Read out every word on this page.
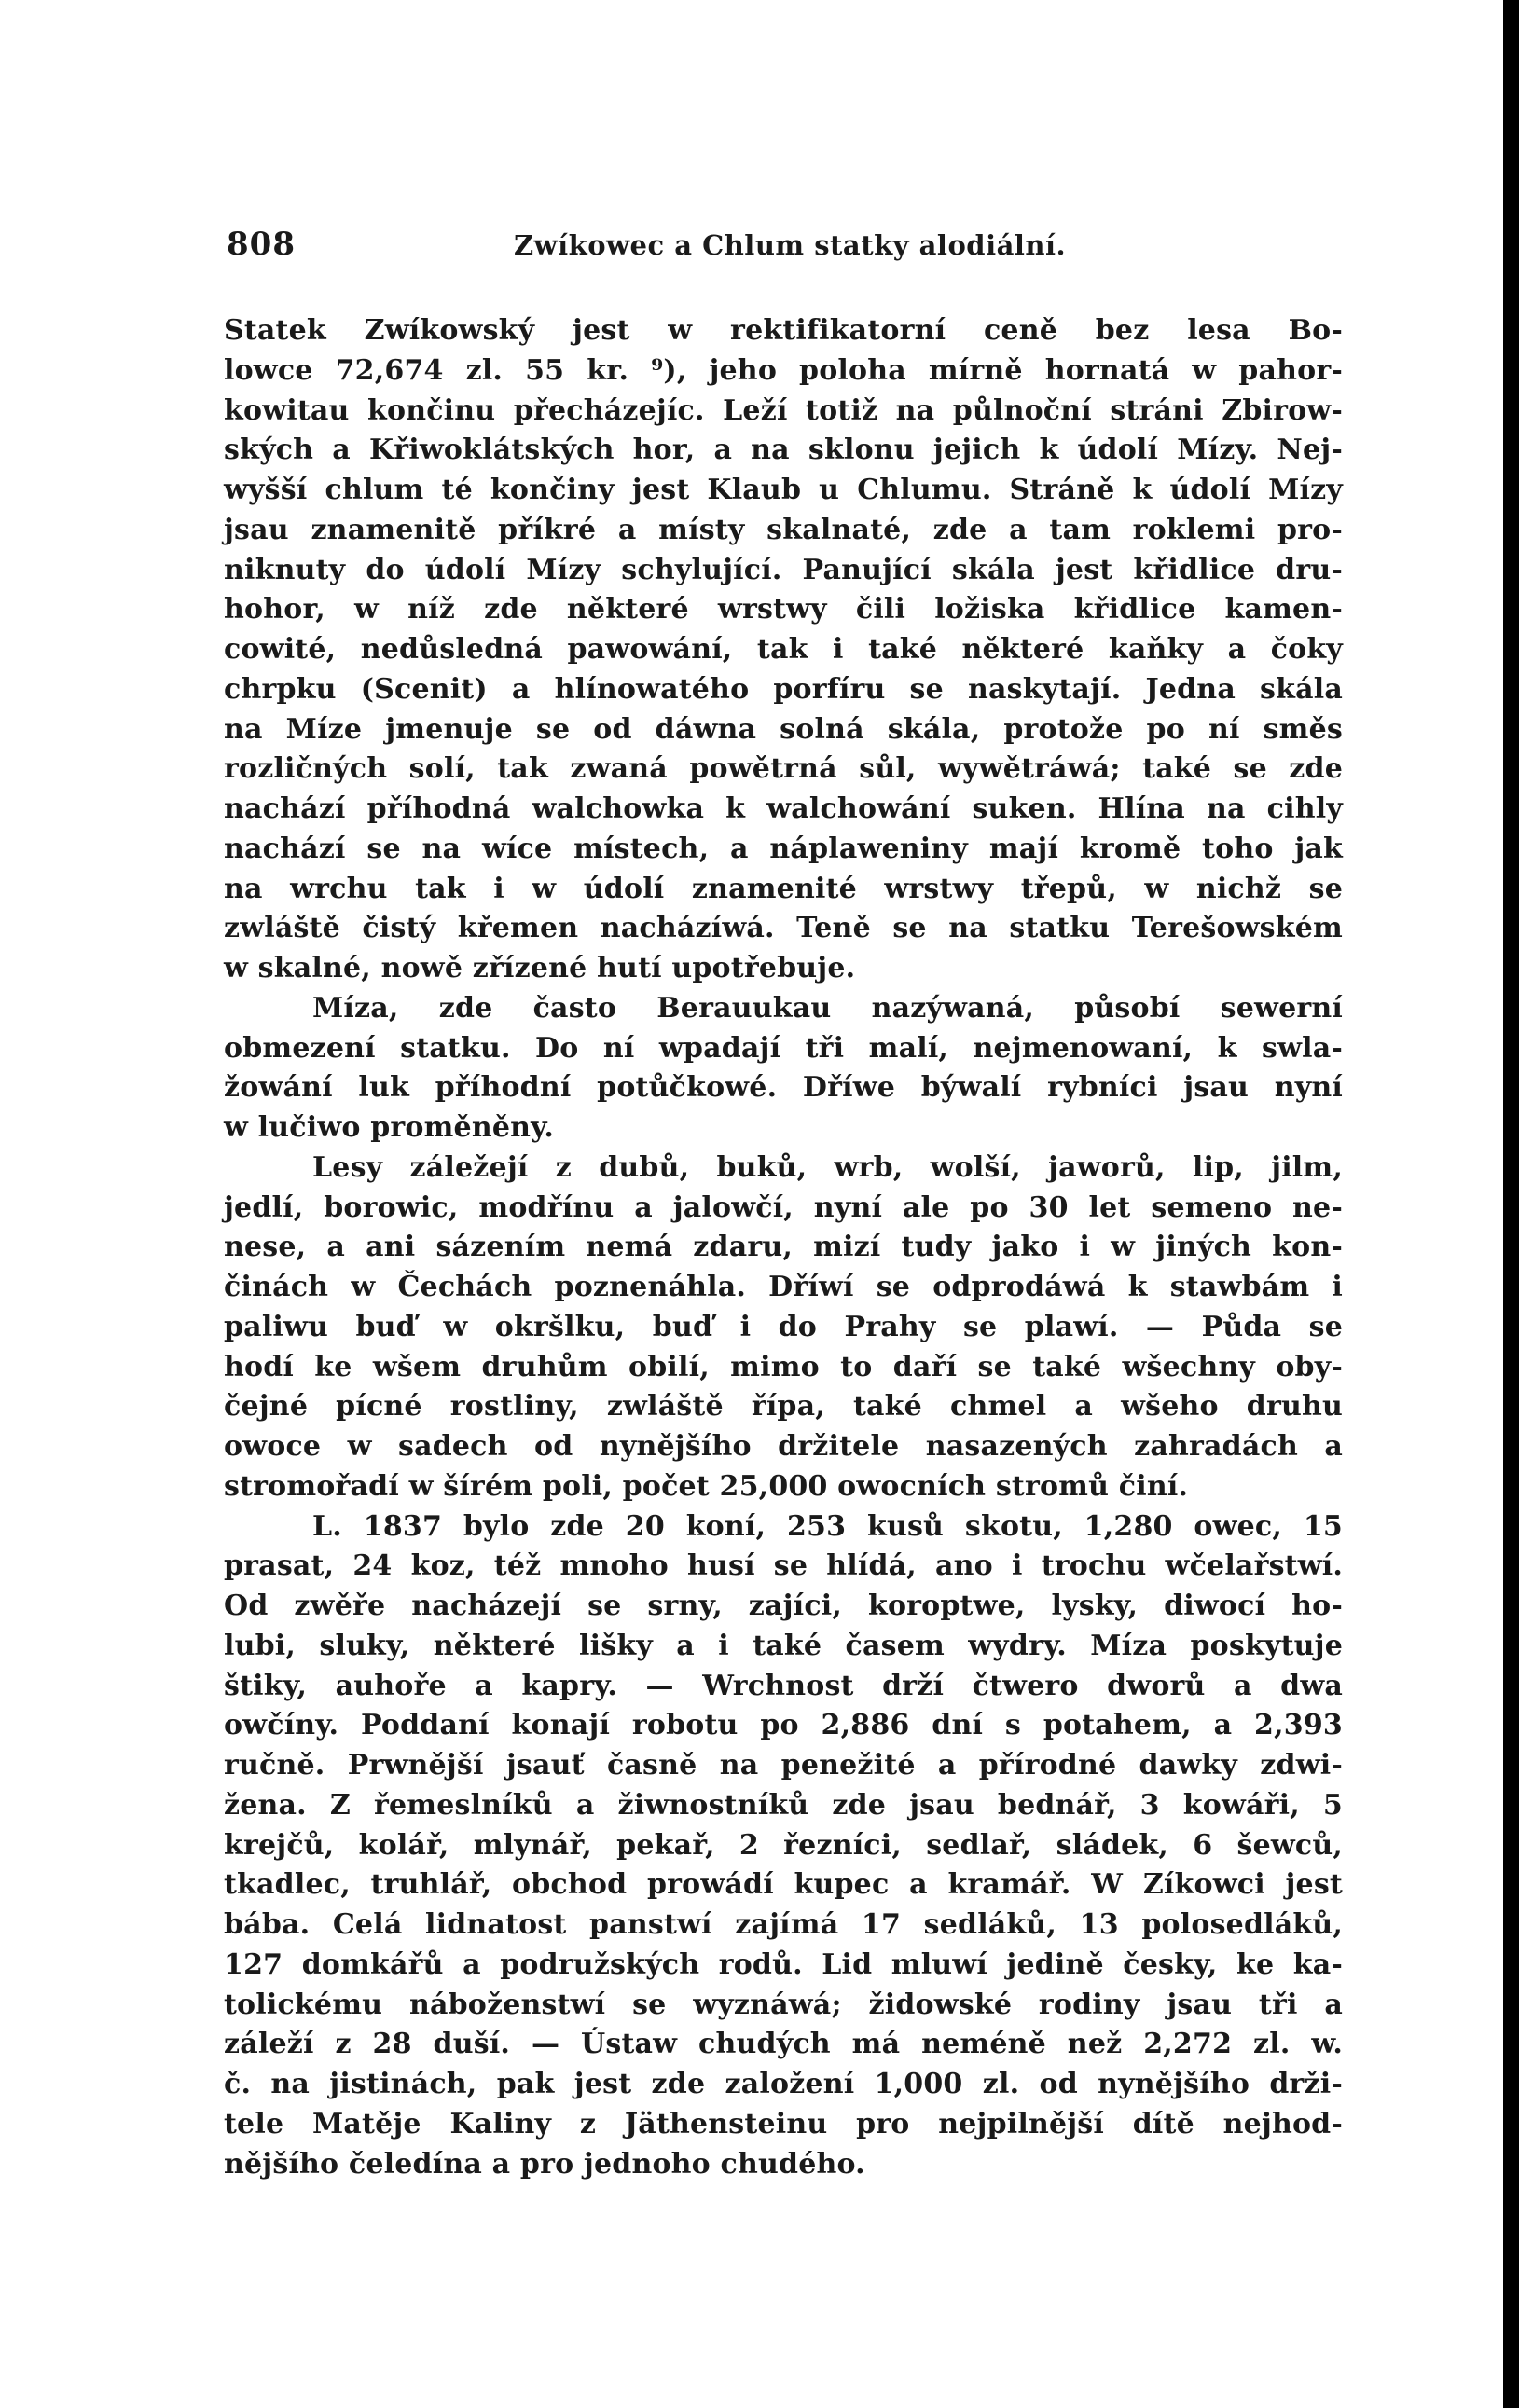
808	Zwíkowec a Chlum statky alodiální.
Statek Zwíkowský jest w rektifikatorní ceně bez lesa Bo-
lowce 72,674 zl. 55 kr. ⁹), jeho poloha mírně hornatá w pahor-
kowitau končinu přecházejíc. Leží totiž na půlnoční stráni Zbirow-
ských a Křiwoklátských hor, a na sklonu jejich k údolí Mízy. Nej-
wyšší chlum té končiny jest Klaub u Chlumu. Stráně k údolí Mízy
jsau znamenitě příkré a místy skalnaté, zde a tam roklemi pro-
niknuty do údolí Mízy schylující. Panující skála jest křidlice dru-
hohor, w níž zde některé wrstwy čili ložiska křidlice kamen-
cowité, nedůsledná pawowání, tak i také některé kaňky a čoky
chrpku (Scenit) a hlínowatého porfíru se naskytají. Jedna skála
na Míze jmenuje se od dáwna solná skála, protože po ní směs
rozličných solí, tak zwaná powětrná sůl, wywětráwá; také se zde
nachází příhodná walchowka k walchowání suken. Hlína na cihly
nachází se na wíce místech, a náplaweniny mají kromě toho jak
na wrchu tak i w údolí znamenité wrstwy třepů, w nichž se
zwláště čistý křemen nacházíwá. Teně se na statku Terešowském
w skalné, nowě zřízené hutí upotřebuje.
Míza, zde často Berauukau nazýwaná, působí sewerní
obmezení statku. Do ní wpadají tři malí, nejmenowaní, k swla-
žowání luk příhodní potůčkowé. Dříwe býwalí rybníci jsau nyní
w lučiwo proměněny.
Lesy záležejí z dubů, buků, wrb, wolší, jaworů, lip, jilm,
jedlí, borowic, modřínu a jalowčí, nyní ale po 30 let semeno ne-
nese, a ani sázením nemá zdaru, mizí tudy jako i w jiných kon-
činách w Čechách poznenáhla. Dříwí se odprodáwá k stawbám i
paliwu buď w okršlku, buď i do Prahy se plawí. — Půda se
hodí ke wšem druhům obilí, mimo to daří se také wšechny oby-
čejné pícné rostliny, zwláště řípa, také chmel a wšeho druhu
owoce w sadech od nynějšího držitele nasazených zahradách a
stromořadí w šírém poli, počet 25,000 owocních stromů činí.
L. 1837 bylo zde 20 koní, 253 kusů skotu, 1,280 owec, 15
prasat, 24 koz, též mnoho husí se hlídá, ano i trochu wčelařstwí.
Od zwěře nacházejí se srny, zajíci, koroptwe, lysky, diwocí ho-
lubi, sluky, některé lišky a i také časem wydry. Míza poskytuje
štiky, auhoře a kapry. — Wrchnost drží čtwero dworů a dwa
owčíny. Poddaní konají robotu po 2,886 dní s potahem, a 2,393
ručně. Prwnější jsauť časně na penežité a přírodné dawky zdwi-
žena. Z řemeslníků a žiwnostníků zde jsau bednář, 3 kowáři, 5
krejčů, kolář, mlynář, pekař, 2 řezníci, sedlař, sládek, 6 šewců,
tkadlec, truhlář, obchod prowádí kupec a kramář. W Zíkowci jest
bába. Celá lidnatost panstwí zajímá 17 sedláků, 13 polosedláků,
127 domkářů a podružských rodů. Lid mluwí jedině česky, ke ka-
tolickému náboženstwí se wyznáwá; židowské rodiny jsau tři a
záleží z 28 duší. — Ústaw chudých má neméně než 2,272 zl. w.
č. na jistinách, pak jest zde založení 1,000 zl. od nynějšího drži-
tele Matěje Kaliny z Jäthensteinu pro nejpilnější dítě nejhod-
nějšího čeledína a pro jednoho chudého.
